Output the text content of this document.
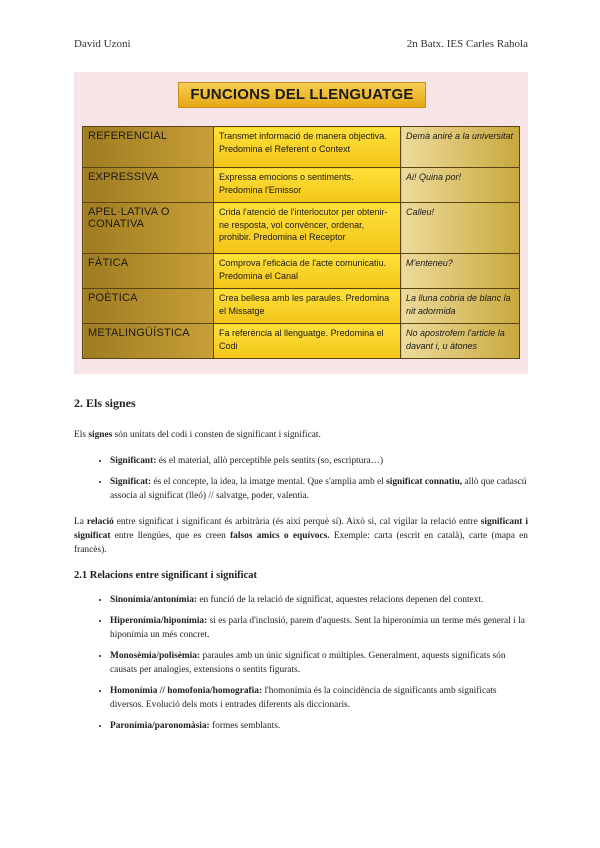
David Uzoni	2n Batx. IES Carles Rahola
FUNCIONS DEL LLENGUATGE
REFERENCIAL	Transmet informació de manera objectiva. Predomina el Referent o Context	Demà aniré a la universitat
EXPRESSIVA	Expressa emocions o sentiments. Predomina l'Emissor	Ai! Quina por!
APEL·LATIVA O CONATIVA	Crida l'atenció de l'interlocutor per obtenir-ne resposta, vol convèncer, ordenar, prohibir. Predomina el Receptor	Calleu!
FÀTICA	Comprova l'eficàcia de l'acte comunicatiu. Predomina el Canal	M'enteneu?
POÈTICA	Crea bellesa amb les paraules. Predomina el Missatge	La lluna cobria de blanc la nit adormida
METALINGÜÍSTICA	Fa referència al llenguatge. Predomina el Codi	No apostrofem l'article la davant i, u àtones
2. Els signes

Els signes són unitats del codi i consten de significant i significat.

• Significant: és el material, allò perceptible pels sentits (so, escriptura…)
• Significat: és el concepte, la idea, la imatge mental. Que s'amplia amb el significat connatiu, allò que cadascú associa al significat (lleó) // salvatge, poder, valentia.

La relació entre significat i significant és arbitrària (és així perquè sí). Això si, cal vigilar la relació entre significant i significat entre llengües, que es creen falsos amics o equívocs. Exemple: carta (escrit en català), carte (mapa en francès).

2.1 Relacions entre significant i significat
• Sinonímia/antonímia: en funció de la relació de significat, aquestes relacions depenen del context.
• Hiperonímia/hiponímia: si es parla d'inclusió, parem d'aquests. Sent la hiperonímia un terme més general i la hiponímia un més concret.
• Monosèmia/polisèmia: paraules amb un únic significat o múltiples. Generalment, aquests significats són causats per analogies, extensions o sentits figurats.
• Homonímia // homofonia/homografia: l'homonímia és la coincidència de significants amb significats diversos. Evolució dels mots i entrades diferents als diccionaris.
• Paronímia/paronomàsia: formes semblants.
